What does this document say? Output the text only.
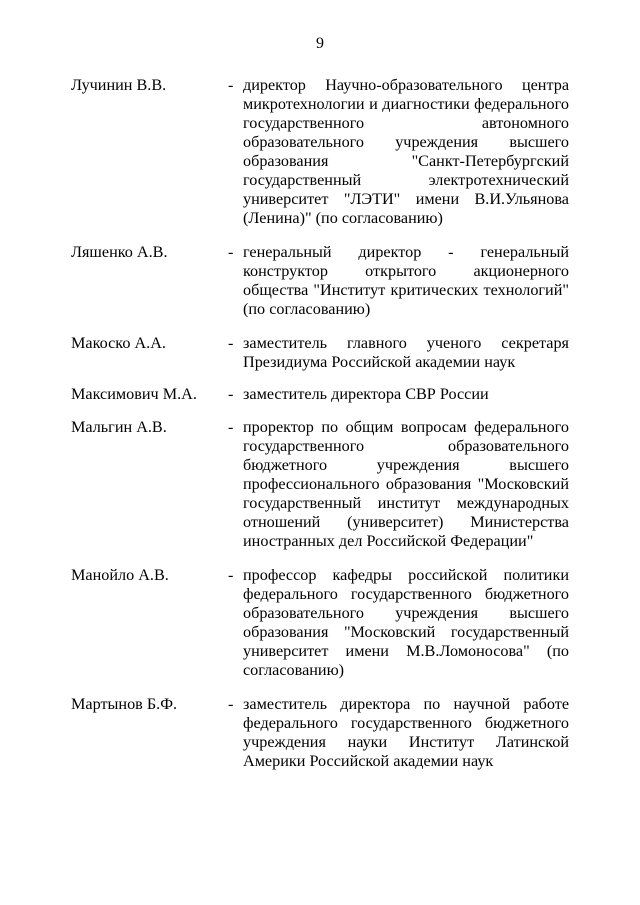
9
Лучинин В.В.	- директор Научно-образовательного центра микротехнологии и диагностики федерального государственного автономного образовательного учреждения высшего образования "Санкт-Петербургский государственный электротехнический университет "ЛЭТИ" имени В.И.Ульянова (Ленина)" (по согласованию)
Ляшенко А.В.	- генеральный директор - генеральный конструктор открытого акционерного общества "Институт критических технологий" (по согласованию)
Макоско А.А.	- заместитель главного ученого секретаря Президиума Российской академии наук
Максимович М.А. - заместитель директора СВР России
Мальгин А.В.	- проректор по общим вопросам федерального государственного образовательного бюджетного учреждения высшего профессионального образования "Московский государственный институт международных отношений (университет) Министерства иностранных дел Российской Федерации"
Манойло А.В.	- профессор кафедры российской политики федерального государственного бюджетного образовательного учреждения высшего образования "Московский государственный университет имени М.В.Ломоносова" (по согласованию)
Мартынов Б.Ф.	- заместитель директора по научной работе федерального государственного бюджетного учреждения науки Институт Латинской Америки Российской академии наук
